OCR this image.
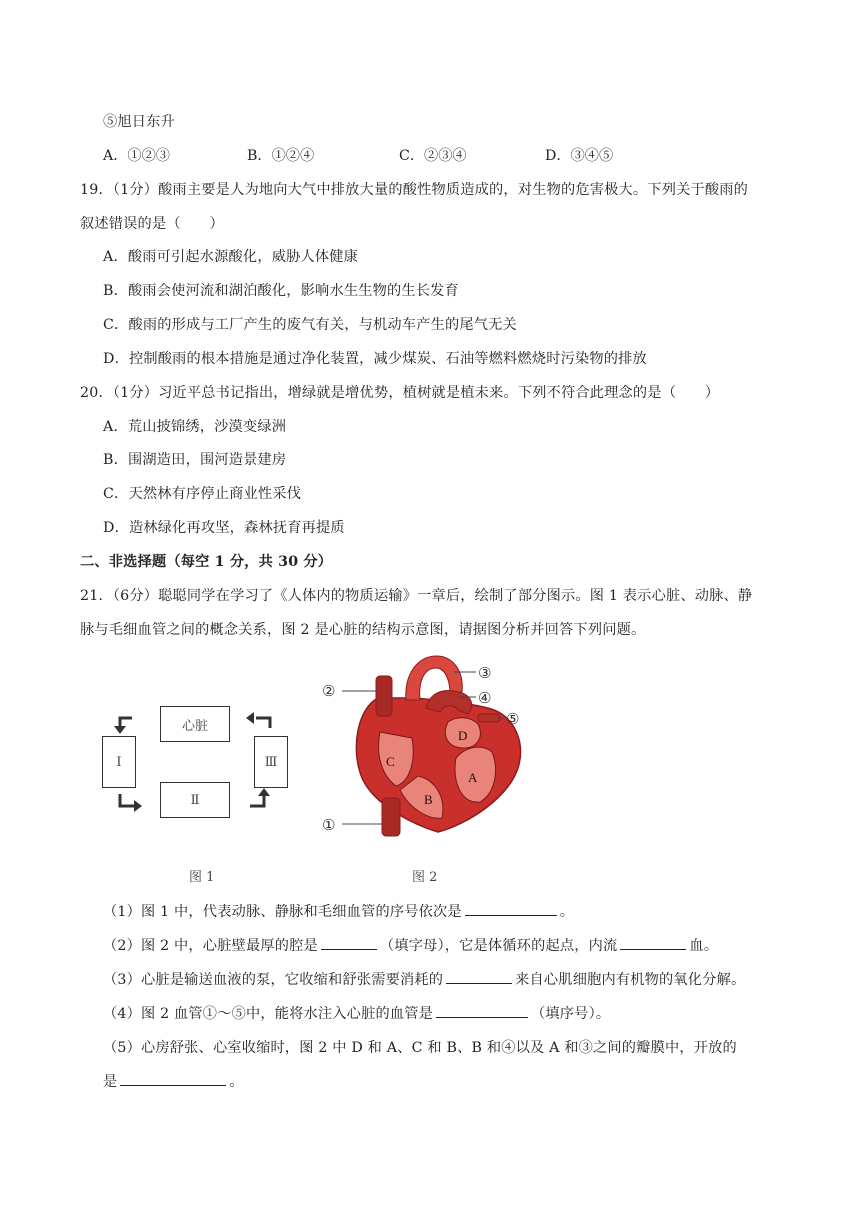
⑤旭日东升
A．①②③	B．①②④	C．②③④	D．③④⑤
19．（1分）酸雨主要是人为地向大气中排放大量的酸性物质造成的，对生物的危害极大。下列关于酸雨的
叙述错误的是（　　）
A．酸雨可引起水源酸化，威胁人体健康
B．酸雨会使河流和湖泊酸化，影响水生生物的生长发育
C．酸雨的形成与工厂产生的废气有关，与机动车产生的尾气无关
D．控制酸雨的根本措施是通过净化装置，减少煤炭、石油等燃料燃烧时污染物的排放
20．（1分）习近平总书记指出，增绿就是增优势，植树就是植未来。下列不符合此理念的是（　　）
A．荒山披锦绣，沙漠变绿洲
B．围湖造田，围河造景建房
C．天然林有序停止商业性采伐
D．造林绿化再攻坚，森林抚育再提质
二、非选择题（每空 1 分，共 30 分）
21．（6分）聪聪同学在学习了《人体内的物质运输》一章后，绘制了部分图示。图 1 表示心脏、动脉、静
脉与毛细血管之间的概念关系，图 2 是心脏的结构示意图，请据图分析并回答下列问题。
心脏
Ⅰ	Ⅲ
Ⅱ
图 1
C
B
A
D
②
③
④
⑤
①
图 2
（1）图 1 中，代表动脉、静脉和毛细血管的序号依次是	。
（2）图 2 中，心脏壁最厚的腔是	（填字母），它是体循环的起点，内流	血。
（3）心脏是输送血液的泵，它收缩和舒张需要消耗的	来自心肌细胞内有机物的氧化分解。
（4）图 2 血管①～⑤中，能将水注入心脏的血管是	（填序号）。
（5）心房舒张、心室收缩时，图 2 中 D 和 A、C 和 B、B 和④以及 A 和③之间的瓣膜中，开放的
是	。
